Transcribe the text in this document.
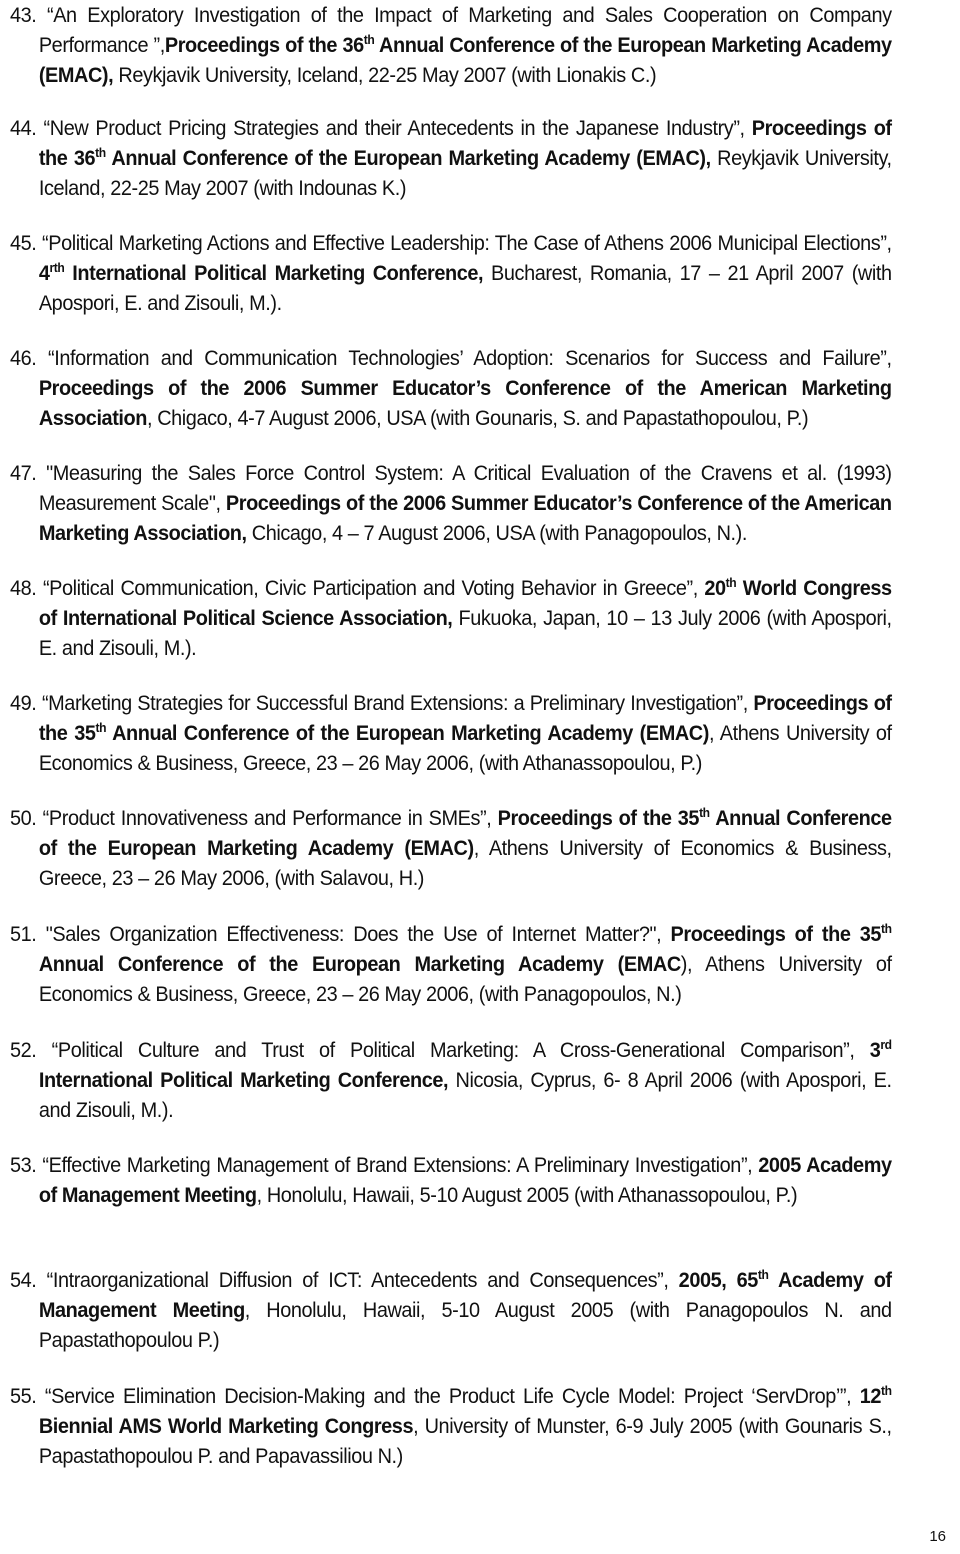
43. “An Exploratory Investigation of the Impact of Marketing and Sales Cooperation on Company Performance ”,Proceedings of the 36th Annual Conference of the European Marketing Academy (EMAC), Reykjavik University, Iceland, 22-25 May 2007 (with Lionakis C.)
44. “New Product Pricing Strategies and their Antecedents in the Japanese Industry”, Proceedings of the 36th Annual Conference of the European Marketing Academy (EMAC), Reykjavik University, Iceland, 22-25 May 2007 (with Indounas K.)
45. “Political Marketing Actions and Effective Leadership: The Case of Athens 2006 Municipal Elections”, $4^{rth}$ International Political Marketing Conference, Bucharest, Romania, 17 – 21 April 2007 (with Apospori, E. and Zisouli, M.).
46. “Information and Communication Technologies’ Adoption: Scenarios for Success and Failure”, Proceedings of the 2006 Summer Educator’s Conference of the American Marketing Association, Chigaco, 4-7 August 2006, USA (with Gounaris, S. and Papastathopoulou, P.)
47. "Measuring the Sales Force Control System: A Critical Evaluation of the Cravens et al. (1993) Measurement Scale", Proceedings of the 2006 Summer Educator’s Conference of the American Marketing Association, Chicago, 4 – 7 August 2006, USA (with Panagopoulos, N.).
48. “Political Communication, Civic Participation and Voting Behavior in Greece”, 20th World Congress of International Political Science Association, Fukuoka, Japan, 10 – 13 July 2006 (with Apospori, E. and Zisouli, M.).
49. “Marketing Strategies for Successful Brand Extensions: a Preliminary Investigation”, Proceedings of the 35th Annual Conference of the European Marketing Academy (EMAC), Athens University of Economics & Business, Greece, 23 – 26 May 2006, (with Athanassopoulou, P.)
50. “Product Innovativeness and Performance in SMEs”, Proceedings of the 35th Annual Conference of the European Marketing Academy (EMAC), Athens University of Economics & Business, Greece, 23 – 26 May 2006, (with Salavou, H.)
51. "Sales Organization Effectiveness: Does the Use of Internet Matter?", Proceedings of the 35th Annual Conference of the European Marketing Academy (EMAC), Athens University of Economics & Business, Greece, 23 – 26 May 2006, (with Panagopoulos, N.)
52. “Political Culture and Trust of Political Marketing: A Cross-Generational Comparison”, 3rd International Political Marketing Conference, Nicosia, Cyprus, 6- 8 April 2006 (with Apospori, E. and Zisouli, M.).
53. “Effective Marketing Management of Brand Extensions: A Preliminary Investigation”, 2005 Academy of Management Meeting, Honolulu, Hawaii, 5-10 August 2005 (with Athanassopoulou, P.)
54. “Intraorganizational Diffusion of ICT: Antecedents and Consequences”, 2005, 65th Academy of Management Meeting, Honolulu, Hawaii, 5-10 August 2005 (with Panagopoulos N. and Papastathopoulou P.)
55. “Service Elimination Decision-Making and the Product Life Cycle Model: Project ‘ServDrop’”, 12th Biennial AMS World Marketing Congress, University of Munster, 6-9 July 2005 (with Gounaris S., Papastathopoulou P. and Papavassiliou N.)
16
